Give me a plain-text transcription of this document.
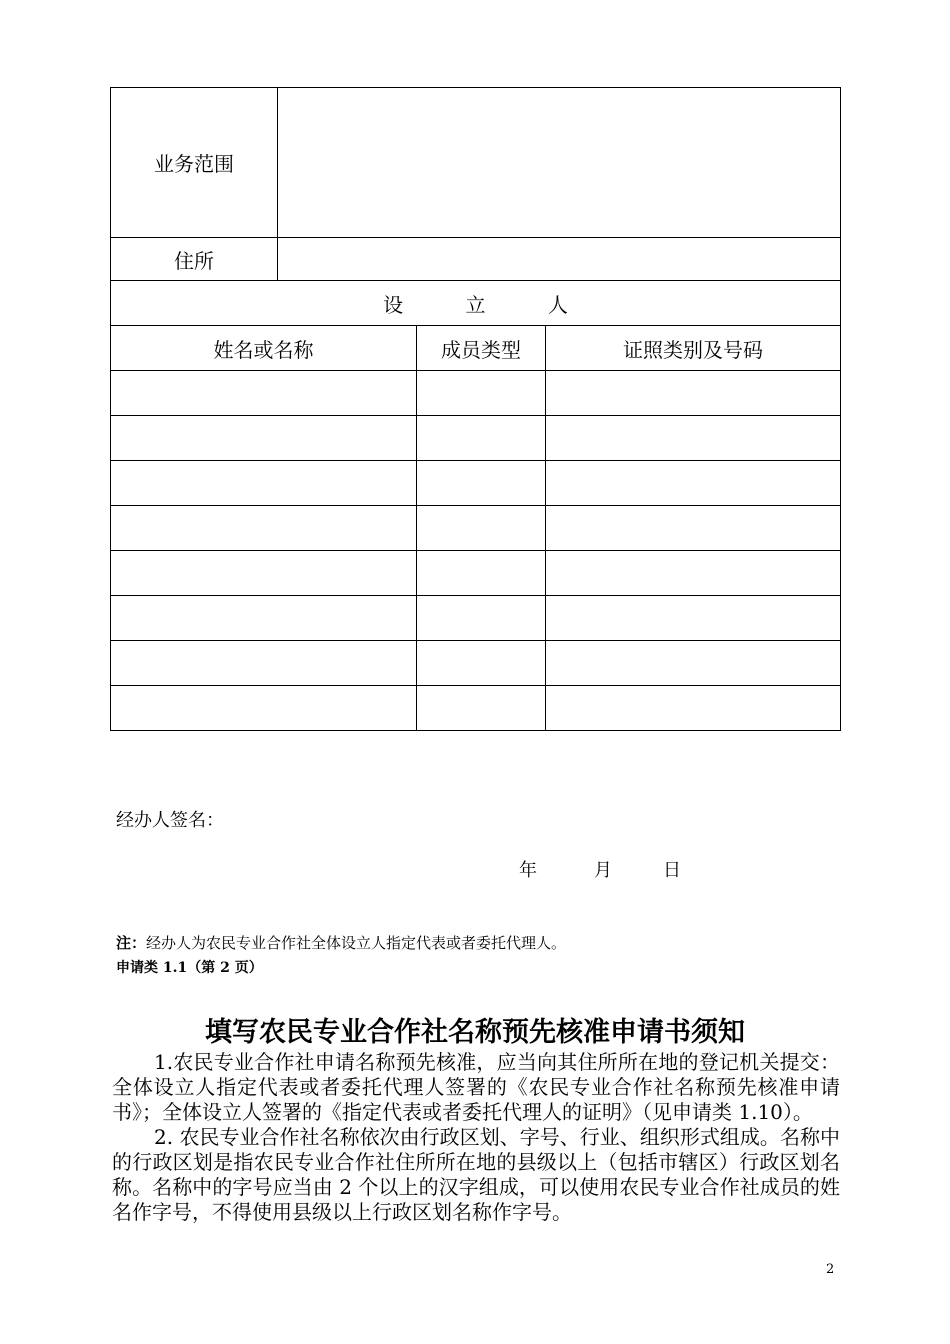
业务范围			
住所			
设 立 人			
姓名或名称		成员类型	证照类别及号码

经办人签名：
年	月	日
注：经办人为农民专业合作社全体设立人指定代表或者委托代理人。
申请类 1.1（第 2 页）
填写农民专业合作社名称预先核准申请书须知

1.农民专业合作社申请名称预先核准，应当向其住所所在地的登记机关提交：全体设立人指定代表或者委托代理人签署的《农民专业合作社名称预先核准申请书》；全体设立人签署的《指定代表或者委托代理人的证明》（见申请类 1.10）。

2. 农民专业合作社名称依次由行政区划、字号、行业、组织形式组成。名称中的行政区划是指农民专业合作社住所所在地的县级以上（包括市辖区）行政区划名称。名称中的字号应当由 2 个以上的汉字组成，可以使用农民专业合作社成员的姓名作字号，不得使用县级以上行政区划名称作字号。

2
